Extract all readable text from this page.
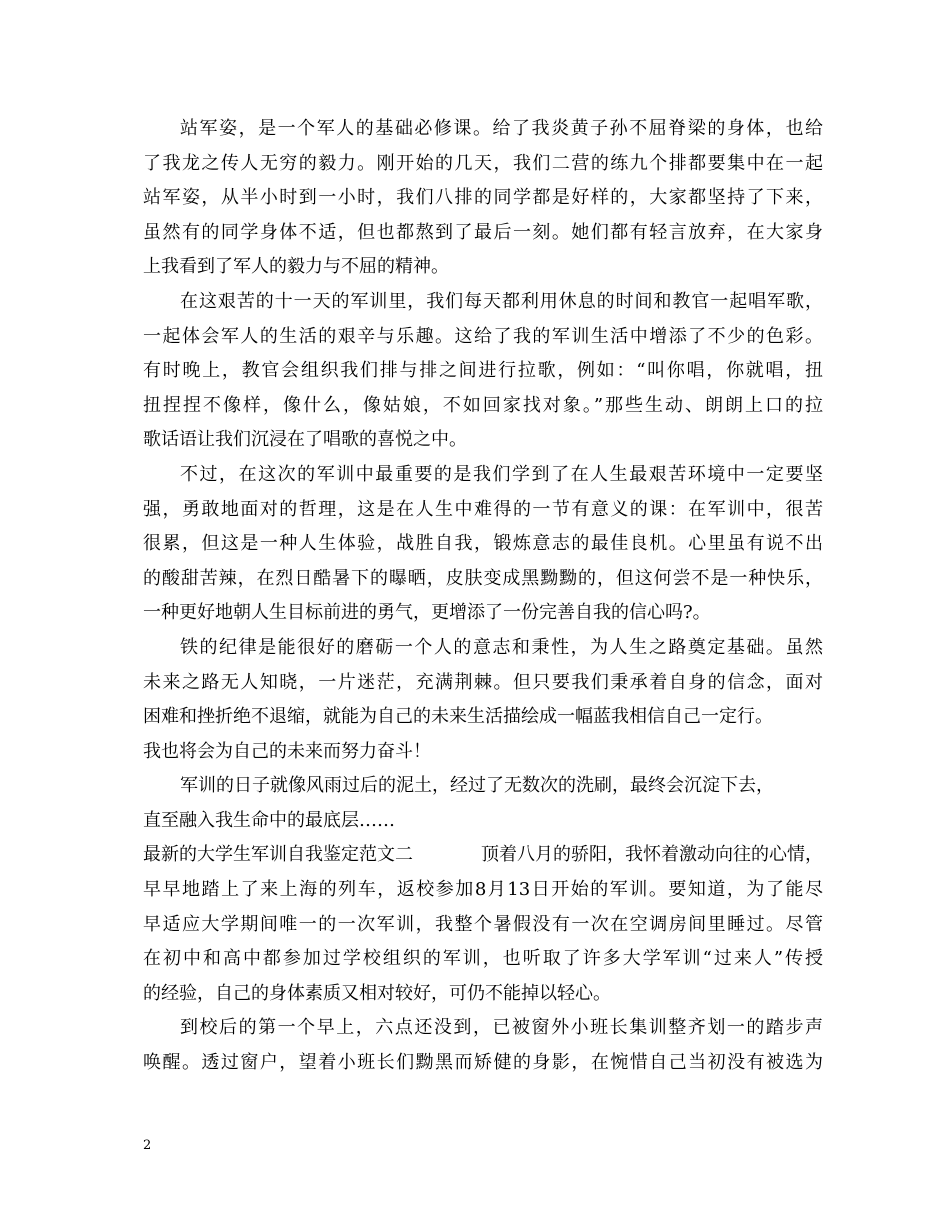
站军姿，是一个军人的基础必修课。给了我炎黄子孙不屈脊梁的身体，也给
了我龙之传人无穷的毅力。刚开始的几天，我们二营的练九个排都要集中在一起
站军姿，从半小时到一小时，我们八排的同学都是好样的，大家都坚持了下来，
虽然有的同学身体不适，但也都熬到了最后一刻。她们都有轻言放弃，在大家身
上我看到了军人的毅力与不屈的精神。
在这艰苦的十一天的军训里，我们每天都利用休息的时间和教官一起唱军歌，
一起体会军人的生活的艰辛与乐趣。这给了我的军训生活中增添了不少的色彩。
有时晚上，教官会组织我们排与排之间进行拉歌，例如：“叫你唱，你就唱，扭
扭捏捏不像样，像什么，像姑娘，不如回家找对象。”那些生动、朗朗上口的拉
歌话语让我们沉浸在了唱歌的喜悦之中。
不过，在这次的军训中最重要的是我们学到了在人生最艰苦环境中一定要坚
强，勇敢地面对的哲理，这是在人生中难得的一节有意义的课：在军训中，很苦
很累，但这是一种人生体验，战胜自我，锻炼意志的最佳良机。心里虽有说不出
的酸甜苦辣，在烈日酷暑下的曝晒，皮肤变成黑黝黝的，但这何尝不是一种快乐，
一种更好地朝人生目标前进的勇气，更增添了一份完善自我的信心吗?。
铁的纪律是能很好的磨砺一个人的意志和秉性，为人生之路奠定基础。虽然
未来之路无人知晓，一片迷茫，充满荆棘。但只要我们秉承着自身的信念，面对
困难和挫折绝不退缩，就能为自己的未来生活描绘成一幅蓝我相信自己一定行。
我也将会为自己的未来而努力奋斗！
军训的日子就像风雨过后的泥土，经过了无数次的洗刷，最终会沉淀下去，
直至融入我生命中的最底层……
最新的大学生军训自我鉴定范文二	顶着八月的骄阳，我怀着激动向往的心情，
早早地踏上了来上海的列车，返校参加8月13日开始的军训。要知道，为了能尽
早适应大学期间唯一的一次军训，我整个暑假没有一次在空调房间里睡过。尽管
在初中和高中都参加过学校组织的军训，也听取了许多大学军训“过来人”传授
的经验，自己的身体素质又相对较好，可仍不能掉以轻心。
到校后的第一个早上，六点还没到，已被窗外小班长集训整齐划一的踏步声
唤醒。透过窗户，望着小班长们黝黑而矫健的身影，在惋惜自己当初没有被选为
2
